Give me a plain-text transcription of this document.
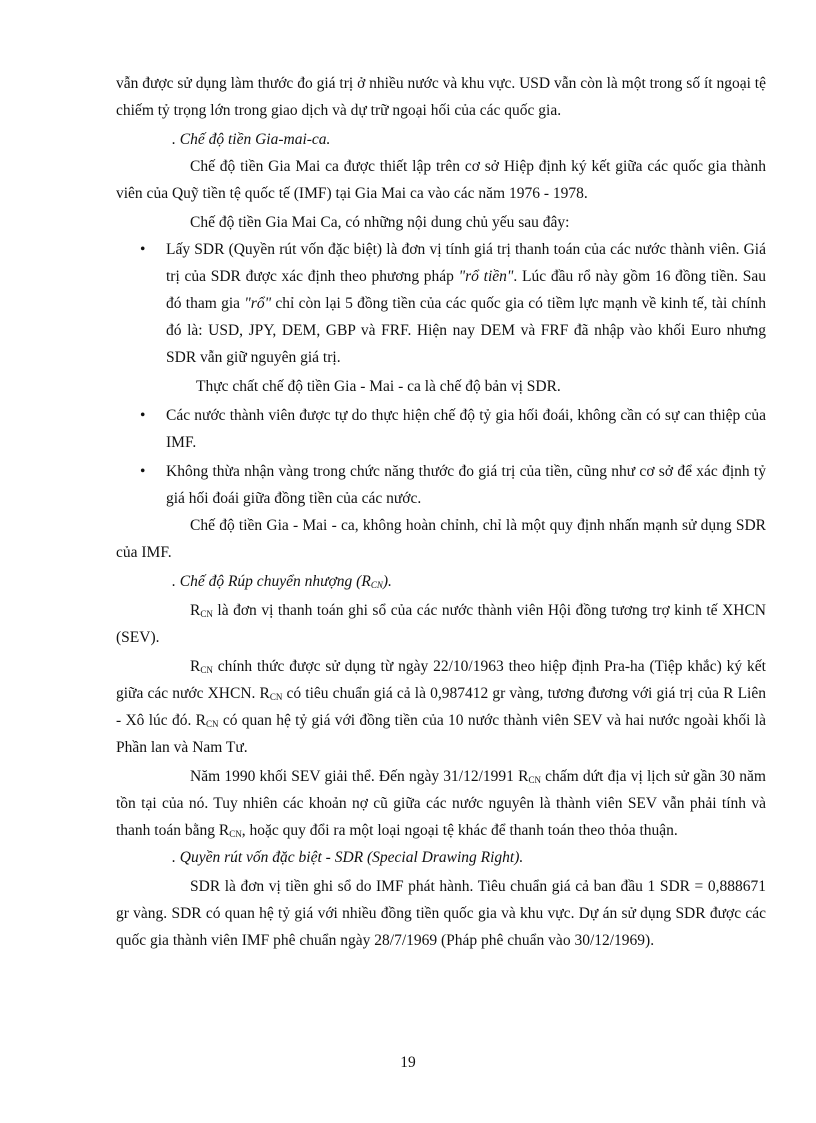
vẫn được sử dụng làm thước đo giá trị ở nhiều nước và khu vực. USD vẫn còn là một trong số ít ngoại tệ chiếm tỷ trọng lớn trong giao dịch và dự trữ ngoại hối của các quốc gia.

. Chế độ tiền Gia-mai-ca.

Chế độ tiền Gia Mai ca được thiết lập trên cơ sở Hiệp định ký kết giữa các quốc gia thành viên của Quỹ tiền tệ quốc tế (IMF) tại Gia Mai ca vào các năm 1976 - 1978.

Chế độ tiền Gia Mai Ca, có những nội dung chủ yếu sau đây:

• Lấy SDR (Quyền rút vốn đặc biệt) là đơn vị tính giá trị thanh toán của các nước thành viên. Giá trị của SDR được xác định theo phương pháp "rổ tiền". Lúc đầu rổ này gồm 16 đồng tiền. Sau đó tham gia "rổ" chỉ còn lại 5 đồng tiền của các quốc gia có tiềm lực mạnh về kinh tế, tài chính đó là: USD, JPY, DEM, GBP và FRF. Hiện nay DEM và FRF đã nhập vào khối Euro nhưng SDR vẫn giữ nguyên giá trị.

Thực chất chế độ tiền Gia - Mai - ca là chế độ bản vị SDR.

• Các nước thành viên được tự do thực hiện chế độ tỷ gia hối đoái, không cần có sự can thiệp của IMF.
• Không thừa nhận vàng trong chức năng thước đo giá trị của tiền, cũng như cơ sở để xác định tỷ giá hối đoái giữa đồng tiền của các nước.

Chế độ tiền Gia - Mai - ca, không hoàn chỉnh, chỉ là một quy định nhấn mạnh sử dụng SDR của IMF.

. Chế độ Rúp chuyển nhượng $(R_{CN})$.

$R_{CN}$ là đơn vị thanh toán ghi sổ của các nước thành viên Hội đồng tương trợ kinh tế XHCN (SEV).

$R_{CN}$ chính thức được sử dụng từ ngày 22/10/1963 theo hiệp định Pra-ha (Tiệp khắc) ký kết giữa các nước XHCN. $R_{CN}$ có tiêu chuẩn giá cả là 0,987412 gr vàng, tương đương với giá trị của R Liên - Xô lúc đó. $R_{CN}$ có quan hệ tỷ giá với đồng tiền của 10 nước thành viên SEV và hai nước ngoài khối là Phần lan và Nam Tư.

Năm 1990 khối SEV giải thể. Đến ngày 31/12/1991 $R_{CN}$ chấm dứt địa vị lịch sử gần 30 năm tồn tại của nó. Tuy nhiên các khoản nợ cũ giữa các nước nguyên là thành viên SEV vẫn phải tính và thanh toán bằng $R_{CN}$, hoặc quy đổi ra một loại ngoại tệ khác để thanh toán theo thỏa thuận.

. Quyền rút vốn đặc biệt - SDR (Special Drawing Right).

SDR là đơn vị tiền ghi sổ do IMF phát hành. Tiêu chuẩn giá cả ban đầu 1 SDR = 0,888671 gr vàng. SDR có quan hệ tỷ giá với nhiều đồng tiền quốc gia và khu vực. Dự án sử dụng SDR được các quốc gia thành viên IMF phê chuẩn ngày 28/7/1969 (Pháp phê chuẩn vào 30/12/1969).

19
